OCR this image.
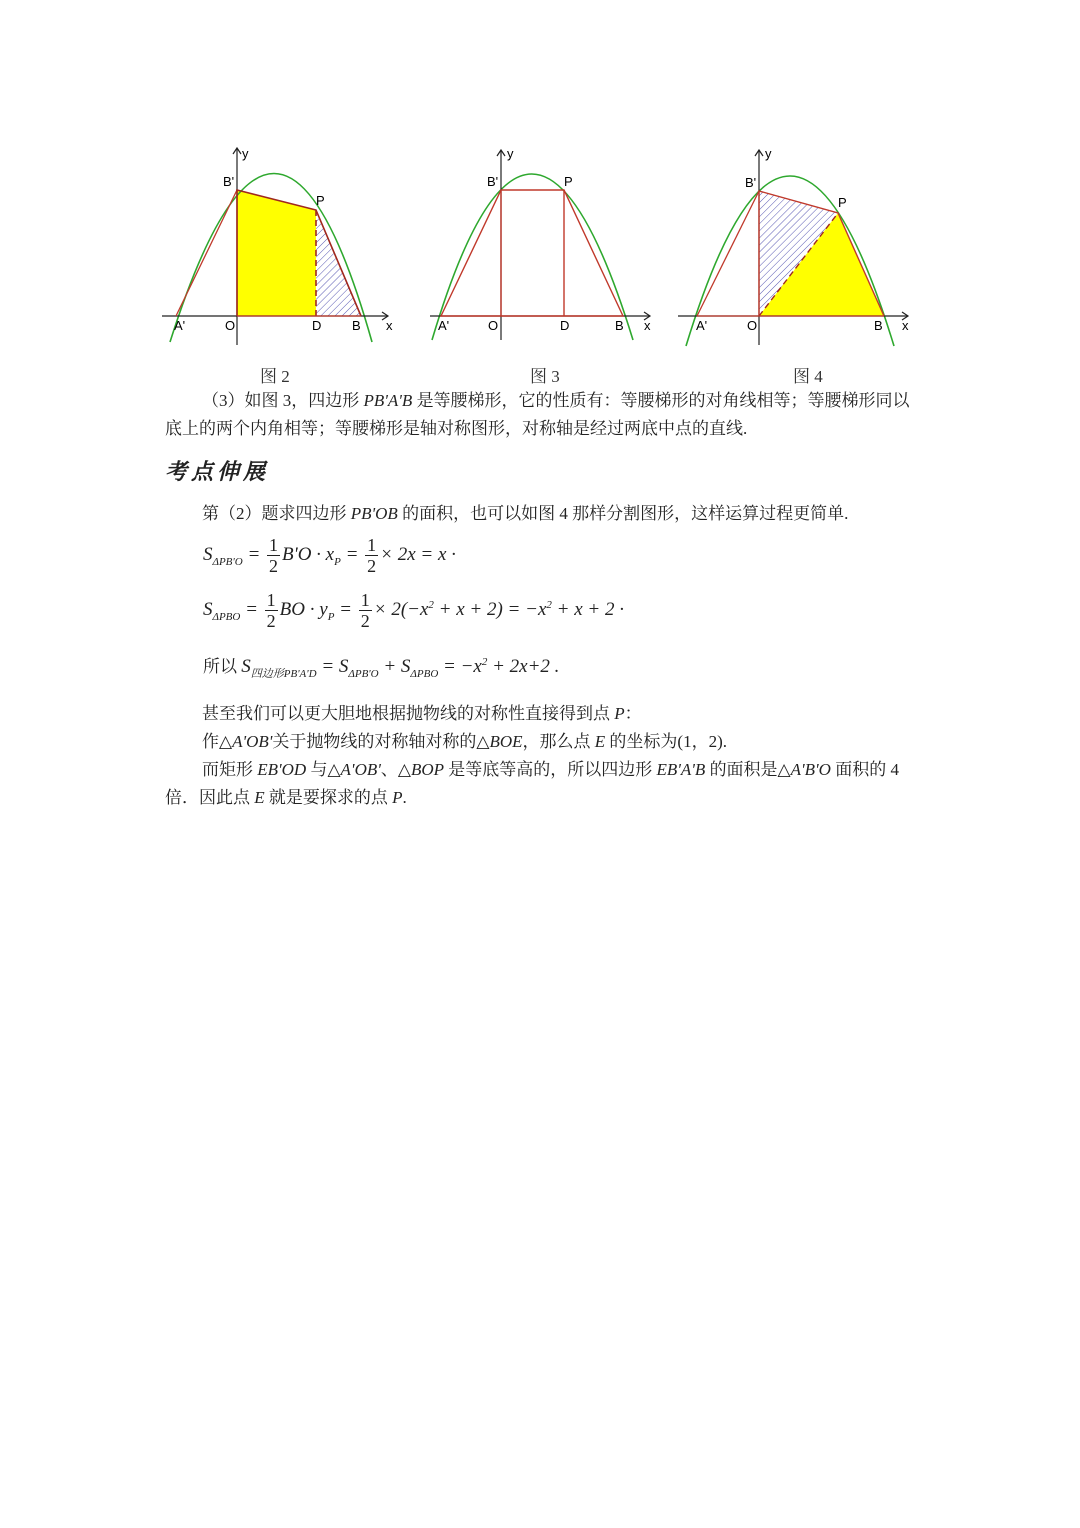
y
x
A'	O	D B
B'
P
图 2
y
x
A'	O	D	B
B'	P
图 3
y
x
A'	O	B
B'
P
图 4
（3）如图 3，四边形 PB'A'B 是等腰梯形，它的性质有：等腰梯形的对角线相等；等腰梯形同以底上的两个内角相等；等腰梯形是轴对称图形，对称轴是经过两底中点的直线.
考点伸展
第（2）题求四边形 PB'OB 的面积，也可以如图 4 那样分割图形，这样运算过程更简单.
$S_{\Delta PB'O} = \frac{1}{2} B'O \cdot x_P = \frac{1}{2} \times 2x = x$ ·
$S_{\Delta PBO} = \frac{1}{2}$ BO · $y_P = \frac{1}{2} \times 2(-x^2 + x + 2) = -x^2 + x + 2$ ·
所以 $S_{四边形PB'A'D} = S_{\Delta PB'O} + S_{\Delta PBO} = -x^2 + 2x+2$ .
甚至我们可以更大胆地根据抛物线的对称性直接得到点 P：
作△A'OB'关于抛物线的对称轴对称的△BOE，那么点 E 的坐标为(1，2).
而矩形 EB'OD 与△A'OB'、△BOP 是等底等高的，所以四边形 EB'A'B 的面积是△A'B'O 面积的 4 倍．因此点 E 就是要探求的点 P.
